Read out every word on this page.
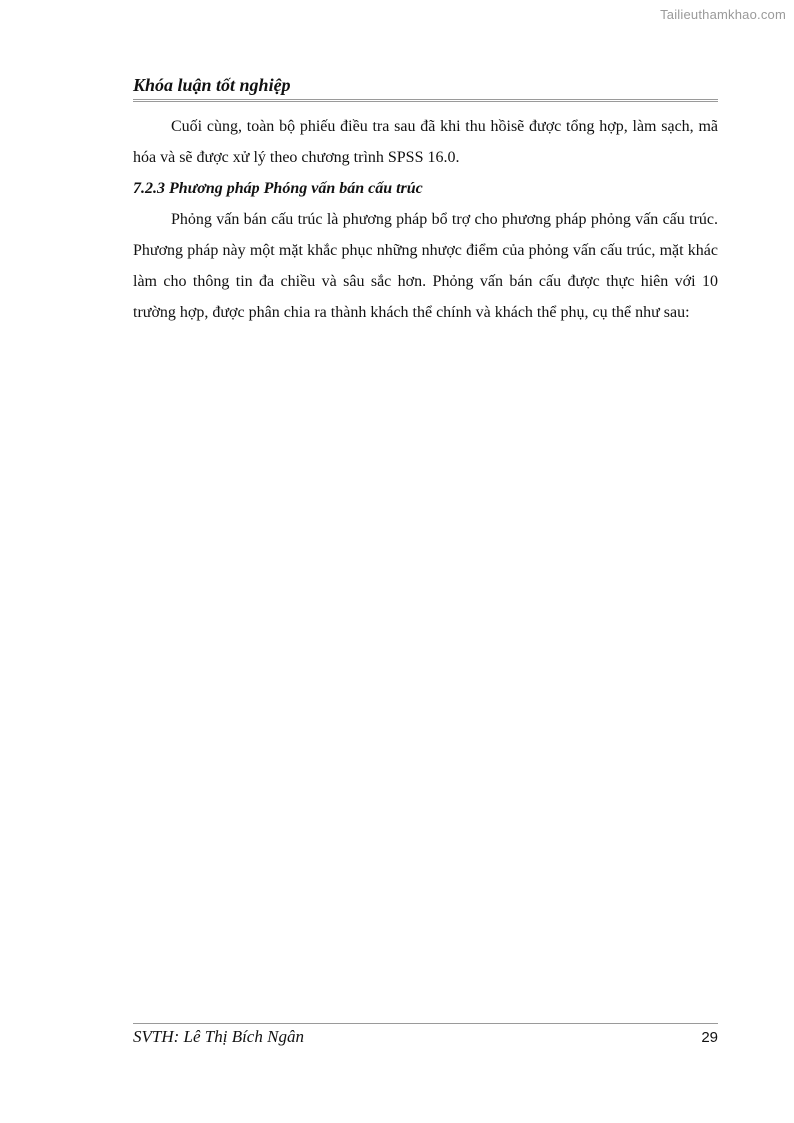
Tailieuthamkhao.com
Khóa luận tốt nghiệp

Cuối cùng, toàn bộ phiếu điều tra sau đã khi thu hồisẽ được tổng hợp, làm sạch, mã hóa và sẽ được xử lý theo chương trình SPSS 16.0.

7.2.3 Phương pháp Phóng vấn bán cấu trúc

Phỏng vấn bán cấu trúc là phương pháp bổ trợ cho phương pháp phỏng vấn cấu trúc. Phương pháp này một mặt khắc phục những nhược điểm của phỏng vấn cấu trúc, mặt khác làm cho thông tin đa chiều và sâu sắc hơn. Phỏng vấn bán cấu được thực hiên với 10 trường hợp, được phân chia ra thành khách thể chính và khách thể phụ, cụ thể như sau:

SVTH: Lê Thị Bích Ngân	29
